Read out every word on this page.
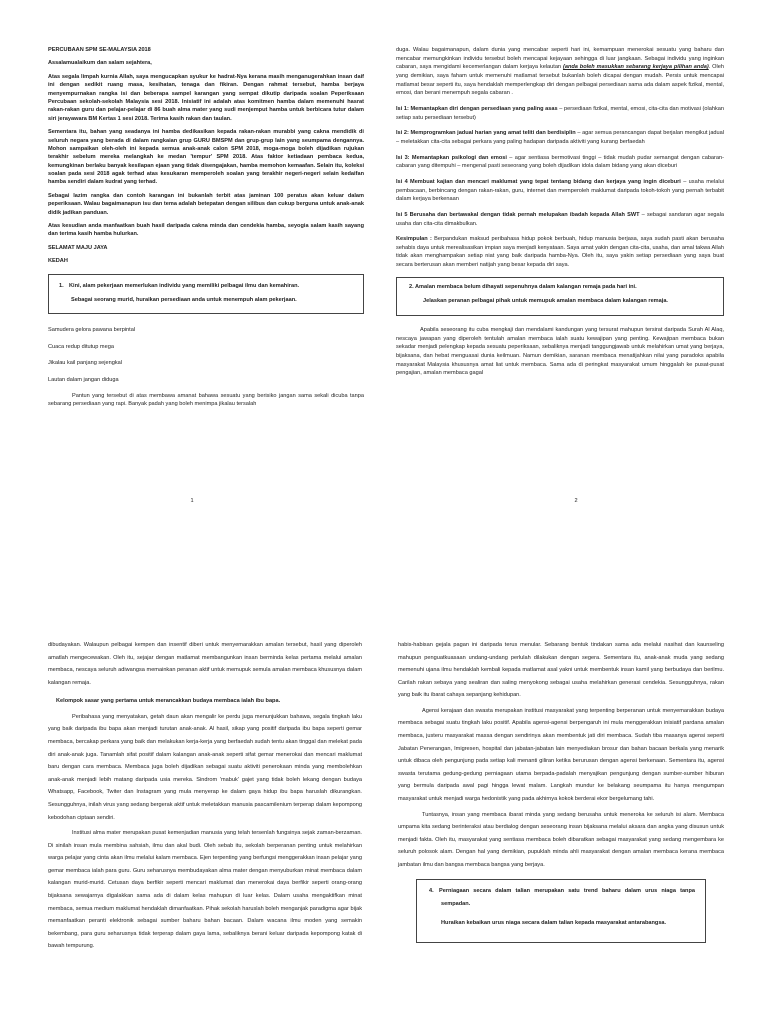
PERCUBAAN SPM SE-MALAYSIA 2018

Assalamualaikum dan salam sejahtera,

Atas segala limpah kurnia Allah, saya mengucapkan syukur ke hadrat-Nya kerana masih menganugerahkan insan daif ini dengan sedikit ruang masa, kesihatan, tenaga dan fikiran. Dengan rahmat tersebut, hamba berjaya menyempurnakan rangka isi dan beberapa sampel karangan yang sempat dikutip daripada soalan Peperiksaan Percubaan sekolah-sekolah Malaysia sesi 2018. Inisiatif ini adalah atas komitmen hamba dalam memenuhi hasrat rakan-rakan guru dan pelajar-pelajar di 86 buah alma mater yang sudi menjemput hamba untuk berbicara tutur dalam siri jerayawara BM Kertas 1 sesi 2018. Terima kasih rakan dan taulan.

Sementara itu, bahan yang seadanya ini hamba dedikasikan kepada rakan-rakan murabbi yang cakna mendidik di seluruh negara yang berada di dalam rangkaian grup GURU BMSPM dan grup-grup lain yang seumpama dengannya. Mohon sampaikan oleh-oleh ini kepada semua anak-anak calon SPM 2018, moga-moga boleh dijadikan rujukan terakhir sebelum mereka melangkah ke medan 'tempur' SPM 2018. Atas faktor ketiadaan pembaca kedua, kemungkinan berlaku banyak kesilapan ejaan yang tidak disengajakan, hamba memohon kemaafan. Selain itu, koleksi soalan pada sesi 2018 agak terhad atas kesukaran memperoleh soalan yang terakhir negeri-negeri selain kedaifan hamba sendiri dalam kudrat yang terhad.

Sebagai lazim rangka dan contoh karangan ini bukanlah terbit atas jaminan 100 peratus akan keluar dalam peperiksaan. Walau bagaimanapun isu dan tema adalah betepatan dengan silibus dan cukup berguna untuk anak-anak didik jadikan panduan.

Atas kesudian anda manfaatkan buah hasil daripada cakna minda dan cendekia hamba, seyogia salam kasih sayang dan terima kasih hamba hulurkan.

SELAMAT MAJU JAYA

KEDAH

1. Kini, alam pekerjaan memerlukan individu yang memiliki pelbagai ilmu dan kemahiran.

Sebagai seorang murid, huraikan persediaan anda untuk menempuh alam pekerjaan.

Samudera gelora pawana berpintal

Cuaca redup ditutup mega

Jikalau kail panjang sejengkal

Lautan dalam jangan diduga

Pantun yang tersebut di atas membawa amanat bahawa sesuatu yang berisiko jangan sama sekali dicuba tanpa sebarang persediaan yang rapi. Banyak padah yang boleh menimpa jikalau tersalah

1

duga. Walau bagaimanapun, dalam dunia yang mencabar seperti hari ini, kemampuan menerokai sesuatu yang baharu dan mencabar memungkinkan individu tersebut boleh mencapai kejayaan sehingga di luar jangkaan. Sebagai individu yang inginkan cabaran, saya mengidami kecemerlangan dalam kerjaya kelautan (anda boleh masukkan sebarang kerjaya pilihan anda). Oleh yang demikian, saya faham untuk memenuhi matlamat tersebut bukanlah boleh dicapai dengan mudah. Persis untuk mencapai matlamat besar seperti itu, saya hendaklah memperlengkap diri dengan pelbagai persediaan sama ada dalam aspek fizikal, mental, emosi, dan berani menempuh segala cabaran .

Isi 1: Memantapkan diri dengan persediaan yang paling asas – persediaan fizikal, mental, emosi, cita-cita dan motivasi (olahkan setiap satu persediaan tersebut)

Isi 2: Memprogramkan jadual harian yang amat teliti dan berdisiplin – agar semua perancangan dapat berjalan mengikut jadual – meletakkan cita-cita sebagai perkara yang paling hadapan daripada aktiviti yang kurang berfaedah

Isi 3: Memantapkan psikologi dan emosi – agar sentiasa bermotivasi tinggi – tidak mudah pudar semangat dengan cabaran-cabaran yang ditempuhi – mengenal pasti seseorang yang boleh dijadikan idola dalam bidang yang akan diceburi

Isi 4 Membuat kajian dan mencari maklumat yang tepat tentang bidang dan kerjaya yang ingin diceburi – usaha melalui pembacaan, berbincang dengan rakan-rakan, guru, internet dan memperoleh maklumat daripada tokoh-tokoh yang pernah terbabit dalam kerjaya berkenaan

Isi 5 Berusaha dan bertawakal dengan tidak pernah melupakan ibadah kepada Allah SWT – sebagai sandaran agar segala usaha dan cita-cita dimakbulkan.

Kesimpulan : Berpandukan maksud peribahasa hidup pokok berbuah, hidup manusia berjasa, saya sudah pasti akan berusaha sehabis daya untuk merealisasikan impian saya menjadi kenyataan. Saya amat yakin dengan cita-cita, usaha, dan amal takwa Allah tidak akan menghampakan setiap niat yang baik daripada hamba-Nya. Oleh itu, saya yakin setiap persediaan yang saya buat secara berterusan akan memberi natijah yang besar kepada diri saya.

2. Amalan membaca belum dihayati sepenuhnya dalam kalangan remaja pada hari ini.

Jelaskan peranan pelbagai pihak untuk memupuk amalan membaca dalam kalangan remaja.

Apabila seseorang itu cuba mengkaji dan mendalami kandungan yang tersurat mahupun tersirat daripada Surah Al Alaq, nescaya jawapan yang diperoleh tentulah amalan membaca ialah suatu kewajipan yang penting. Kewajipan membaca bukan sekadar menjadi pelengkap kepada sesuatu peperiksaan, sebaliknya menjadi tanggungjawab untuk melahirkan umat yang berjaya, bijaksana, dan hebat menguasai dunia keilmuan. Namun demikian, saranan membaca menatijahkan nilai yang paradoks apabila masyarakat Malaysia khususnya amat liat untuk membaca. Sama ada di peringkat masyarakat umum hinggalah ke pusat-pusat pengajian, amalan membaca gagal

2

dibudayakan. Walaupun pelbagai kempen dan insentif diberi untuk menyemarakkan amalan tersebut, hasil yang diperoleh amatlah mengecewakan. Oleh itu, sejajar dengan matlamat membangunkan insan berminda kelas pertama melalui amalan membaca, nescaya seluruh adiwangsa memainkan peranan aktif untuk memupuk semula amalan membaca khususnya dalam kalangan remaja.

Kelompok sasar yang pertama untuk merancakkan budaya membaca ialah ibu bapa.

Peribahasa yang menyatakan, getah daun akan mengalir ke perdu juga menunjukkan bahawa, segala tingkah laku yang baik daripada ibu bapa akan menjadi turutan anak-anak. Al hasil, sikap yang positif daripada ibu bapa seperti gemar membaca, bercakap perkara yang baik dan melakukan kerja-kerja yang berfaedah sudah tentu akan tinggal dan melekat pada diri anak-anak juga. Tanamlah sifat positif dalam kalangan anak-anak seperti sifat gemar menerokai dan mencari maklumat baru dengan cara membaca. Membaca juga boleh dijadikan sebagai suatu aktiviti penerokaan minda yang membolehkan anak-anak menjadi lebih matang daripada usia mereka. Sindrom 'mabuk' gajet yang tidak boleh lekang dengan budaya Whatsapp, Facebook, Twiter dan Instagram yang mula menyerap ke dalam gaya hidup ibu bapa haruslah dikurangkan. Sesungguhnya, inilah virus yang sedang bergerak aktif untuk meletakkan manusia pascamilenium terperap dalam kepompong kebodohan ciptaan sendiri.

Institusi alma mater merupakan pusat kemenjadian manusia yang telah tersenlah fungsinya sejak zaman-berzaman. Di sinilah insan mula membina sahsiah, ilmu dan akal budi. Oleh sebab itu, sekolah berperanan penting untuk melahirkan warga pelajar yang cinta akan ilmu melalui kalam membaca. Ejen terpenting yang berfungsi menggerakkan insan pelajar yang gemar membaca ialah para guru. Guru seharusnya membudayakan alma mater dengan menyuburkan minat membaca dalam kalangan murid-murid. Cetusan daya berfikir seperti mencari maklumat dan menerokai daya berfikir seperti orang-orang bijaksana sewajarnya digalakkan sama ada di dalam kelas mahupun di luar kelas. Dalam usaha mengaktifkan minat membaca, semua medium maklumat hendaklah dimanfaatkan. Pihak sekolah haruslah boleh menganjak paradigma agar bijak memanfaatkan peranti elektronik sebagai sumber baharu bahan bacaan. Dalam wacana ilmu moden yang semakin bekembang, para guru seharusnya tidak terperap dalam gaya lama, sebaliknya berani keluar daripada kepompong katak di bawah tempurung.

habis-habisan gejala pagan ini daripada terus menular. Sebarang bentuk tindakan sama ada melalui nasihat dan kaunseling mahupun penguatkuasaan undang-undang perlulah dilakukan dengan segera. Sementara itu, anak-anak muda yang sedang memenuhi ujana ilmu hendaklah kembali kepada matlamat asal yakni untuk membentuk insan kamil yang berbudaya dan berilmu. Carilah rakan sebaya yang sealiran dan saling menyokong sebagai usaha melahirkan generasi cendekia. Sesungguhnya, rakan yang baik itu ibarat cahaya sepanjang kehidupan.

Agensi kerajaan dan swasta merupakan institusi masyarakat yang terpenting berperanan untuk menyemarakkan budaya membaca sebagai suatu tingkah laku positif. Apabila agensi-agensi berpengaruh ini mula menggerakkan inisiatif pardana amalan membaca, justeru masyarakat massa dengan sendirinya akan membentuk jati diri membaca. Sudah tiba masanya agensi seperti Jabatan Penerangan, Imigresen, hospital dan jabatan-jabatan lain menyediakan brosur dan bahan bacaan berkala yang menarik untuk dibaca oleh pengunjung pada setiap kali menanti giliran ketika berurusan dengan agensi berkenaan. Sementara itu, agensi swasta terutama gedung-gedung perniagaan utama berpada-padalah menyajikan pengunjung dengan sumber-sumber hiburan yang bermula daripada awal pagi hingga lewat malam. Langkah mundur ke belakang seumpama itu hanya mengumpan masyarakat untuk menjadi warga hedonistik yang pada akhirnya kokok berderai ekor bergelumang tahi.

Tuntasnya, insan yang membaca ibarat minda yang sedang berusaha untuk meneroka ke seluruh isi alam. Membaca umpama kita sedang berinteraksi atau berdialog dengan seseorang insan bijaksana melalui aksara dan angka yang disusun untuk menjadi fakta. Oleh itu, masyarakat yang sentiasa membaca boleh dibaratkan sebagai masyarakat yang sedang mengembara ke seluruh polosok alam. Dengan hal yang demikian, pupuklah minda ahli masyarakat dengan amalan membaca kerana membaca jambatan ilmu dan bangsa membaca bangsa yang berjaya.

4. Perniagaan secara dalam talian merupakan satu trend baharu dalam urus niaga tanpa sempadan.

Huraikan kebaikan urus niaga secara dalam talian kepada masyarakat antarabangsa.
